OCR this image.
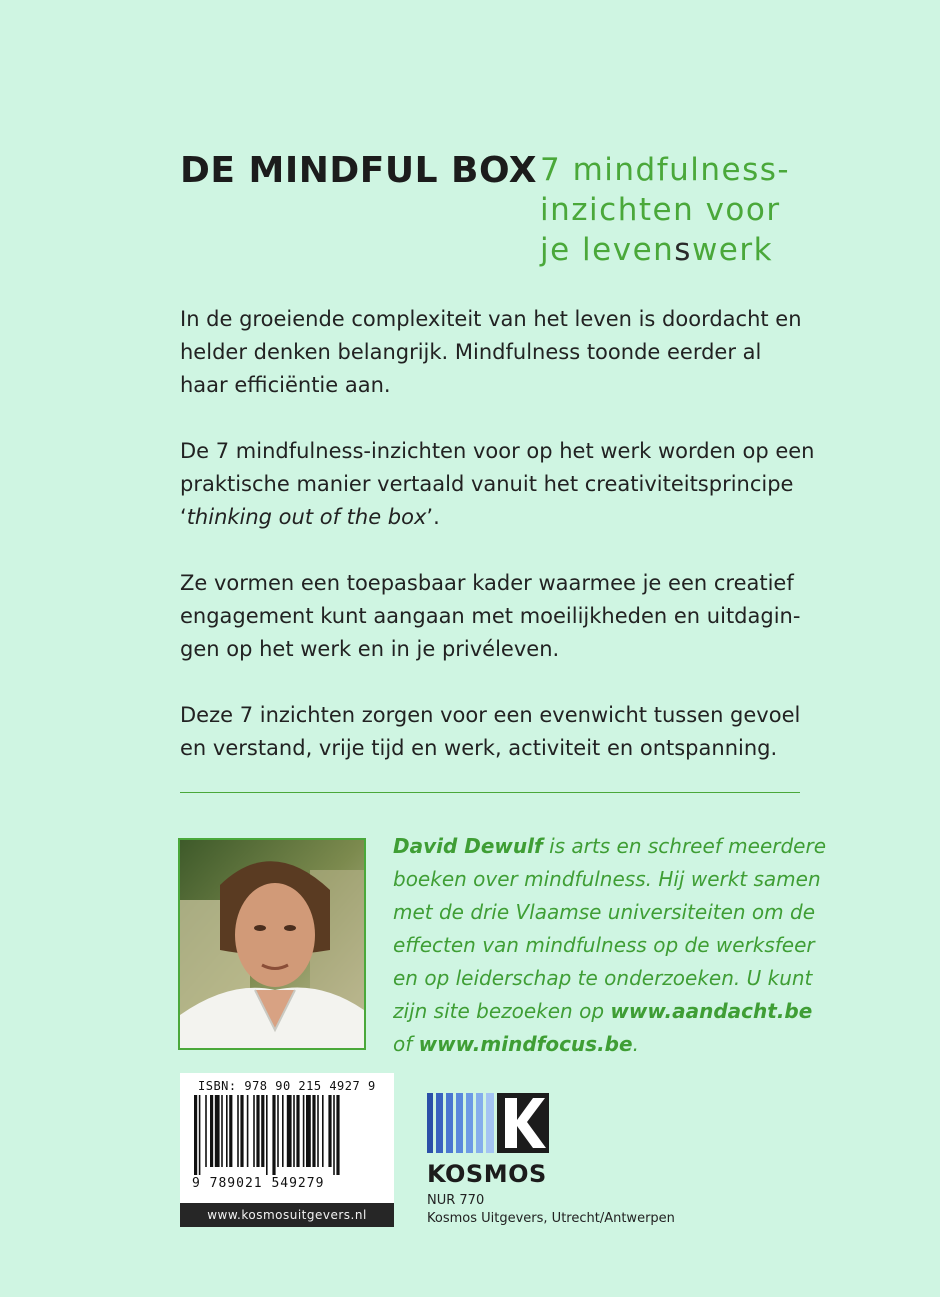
DE MINDFUL BOX 7 mindfulness-
inzichten voor
je levenswerk

In de groeiende complexiteit van het leven is doordacht en
helder denken belangrijk. Mindfulness toonde eerder al
haar efficiëntie aan.

De 7 mindfulness-inzichten voor op het werk worden op een
praktische manier vertaald vanuit het creativiteitsprincipe
‘thinking out of the box’.

Ze vormen een toepasbaar kader waarmee je een creatief
engagement kunt aangaan met moeilijkheden en uitdagin-
gen op het werk en in je privéleven.

Deze 7 inzichten zorgen voor een evenwicht tussen gevoel
en verstand, vrije tijd en werk, activiteit en ontspanning.

David Dewulf is arts en schreef meerdere
boeken over mindfulness. Hij werkt samen
met de drie Vlaamse universiteiten om de
effecten van mindfulness op de werksfeer
en op leiderschap te onderzoeken. U kunt
zijn site bezoeken op www.aandacht.be
of www.mindfocus.be.
ISBN: 978 90 215 4927 9
9 789021 549279
www.kosmosuitgevers.nl
KOSMOS
NUR 770
Kosmos Uitgevers, Utrecht/Antwerpen
